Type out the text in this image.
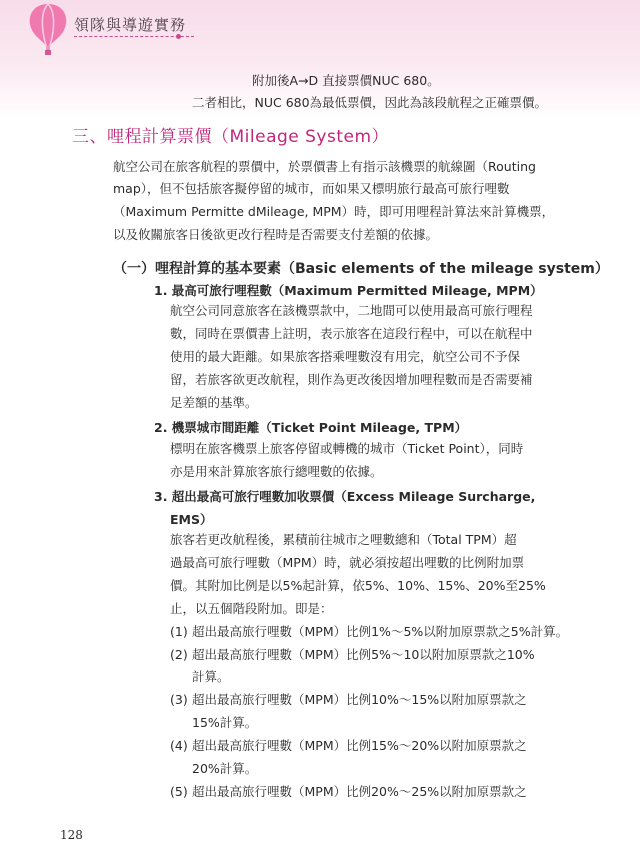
領隊與導遊實務
附加後A→D 直接票價NUC 680。
二者相比，NUC 680為最低票價，因此為該段航程之正確票價。
三、哩程計算票價（Mileage System）
航空公司在旅客航程的票價中，於票價書上有指示該機票的航線圖（Routing
map），但不包括旅客擬停留的城市，而如果又標明旅行最高可旅行哩數
（Maximum Permitte dMileage, MPM）時，即可用哩程計算法來計算機票，
以及攸關旅客日後欲更改行程時是否需要支付差額的依據。
（一）哩程計算的基本要素（Basic elements of the mileage system）
1. 最高可旅行哩程數（Maximum Permitted Mileage, MPM）
航空公司同意旅客在該機票款中，二地間可以使用最高可旅行哩程
數，同時在票價書上註明，表示旅客在這段行程中，可以在航程中
使用的最大距離。如果旅客搭乘哩數沒有用完，航空公司不予保
留，若旅客欲更改航程，則作為更改後因增加哩程數而是否需要補
足差額的基準。
2. 機票城市間距離（Ticket Point Mileage, TPM）
標明在旅客機票上旅客停留或轉機的城市（Ticket Point），同時
亦是用來計算旅客旅行總哩數的依據。
3. 超出最高可旅行哩數加收票價（Excess Mileage Surcharge,
EMS）
旅客若更改航程後，累積前往城市之哩數總和（Total TPM）超
過最高可旅行哩數（MPM）時，就必須按超出哩數的比例附加票
價。其附加比例是以5%起計算，依5%、10%、15%、20%至25%
止，以五個階段附加。即是：
(1) 超出最高旅行哩數（MPM）比例1%～5%以附加原票款之5%計算。
(2) 超出最高旅行哩數（MPM）比例5%～10以附加原票款之10%
計算。
(3) 超出最高旅行哩數（MPM）比例10%～15%以附加原票款之
15%計算。
(4) 超出最高旅行哩數（MPM）比例15%～20%以附加原票款之
20%計算。
(5) 超出最高旅行哩數（MPM）比例20%～25%以附加原票款之
128
